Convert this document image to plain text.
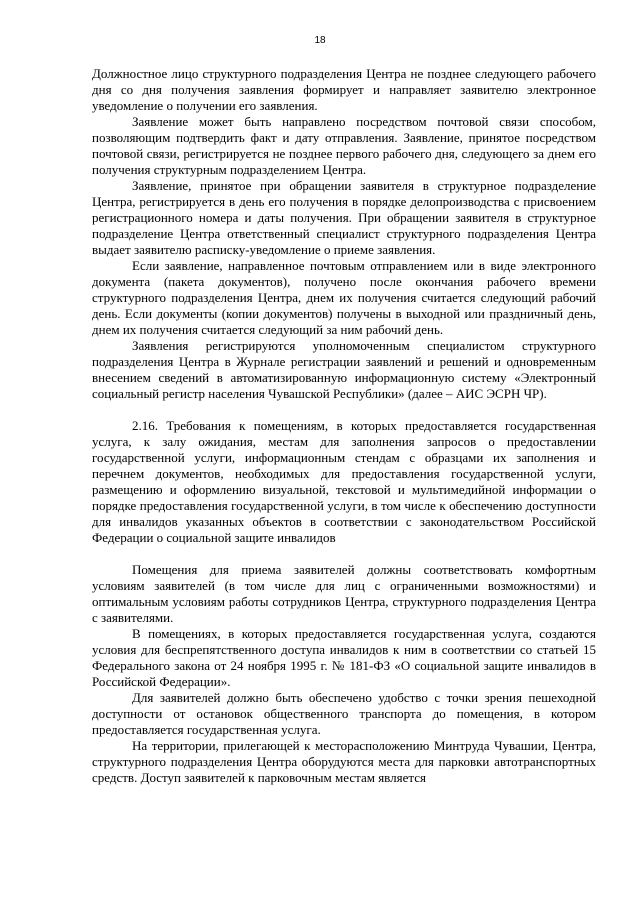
18

Должностное лицо структурного подразделения Центра не позднее следующего рабочего дня со дня получения заявления формирует и направляет заявителю электронное уведомление о получении его заявления.

Заявление может быть направлено посредством почтовой связи способом, позволяющим подтвердить факт и дату отправления. Заявление, принятое посредством почтовой связи, регистрируется не позднее первого рабочего дня, следующего за днем его получения структурным подразделением Центра.

Заявление, принятое при обращении заявителя в структурное подразделение Центра, регистрируется в день его получения в порядке делопроизводства с присвоением регистрационного номера и даты получения. При обращении заявителя в структурное подразделение Центра ответственный специалист структурного подразделения Центра выдает заявителю расписку-уведомление о приеме заявления.

Если заявление, направленное почтовым отправлением или в виде электронного документа (пакета документов), получено после окончания рабочего времени структурного подразделения Центра, днем их получения считается следующий рабочий день. Если документы (копии документов) получены в выходной или праздничный день, днем их получения считается следующий за ним рабочий день.

Заявления регистрируются уполномоченным специалистом структурного подразделения Центра в Журнале регистрации заявлений и решений и одновременным внесением сведений в автоматизированную информационную систему «Электронный социальный регистр населения Чувашской Республики» (далее – АИС ЭСРН ЧР).

2.16. Требования к помещениям, в которых предоставляется государственная услуга, к залу ожидания, местам для заполнения запросов о предоставлении государственной услуги, информационным стендам с образцами их заполнения и перечнем документов, необходимых для предоставления государственной услуги, размещению и оформлению визуальной, текстовой и мультимедийной информации о порядке предоставления государственной услуги, в том числе к обеспечению доступности для инвалидов указанных объектов в соответствии с законодательством Российской Федерации о социальной защите инвалидов

Помещения для приема заявителей должны соответствовать комфортным условиям заявителей (в том числе для лиц с ограниченными возможностями) и оптимальным условиям работы сотрудников Центра, структурного подразделения Центра с заявителями.

В помещениях, в которых предоставляется государственная услуга, создаются условия для беспрепятственного доступа инвалидов к ним в соответствии со статьей 15 Федерального закона от 24 ноября 1995 г. № 181-ФЗ «О социальной защите инвалидов в Российской Федерации».

Для заявителей должно быть обеспечено удобство с точки зрения пешеходной доступности от остановок общественного транспорта до помещения, в котором предоставляется государственная услуга.

На территории, прилегающей к месторасположению Минтруда Чувашии, Центра, структурного подразделения Центра оборудуются места для парковки автотранспортных средств. Доступ заявителей к парковочным местам является
